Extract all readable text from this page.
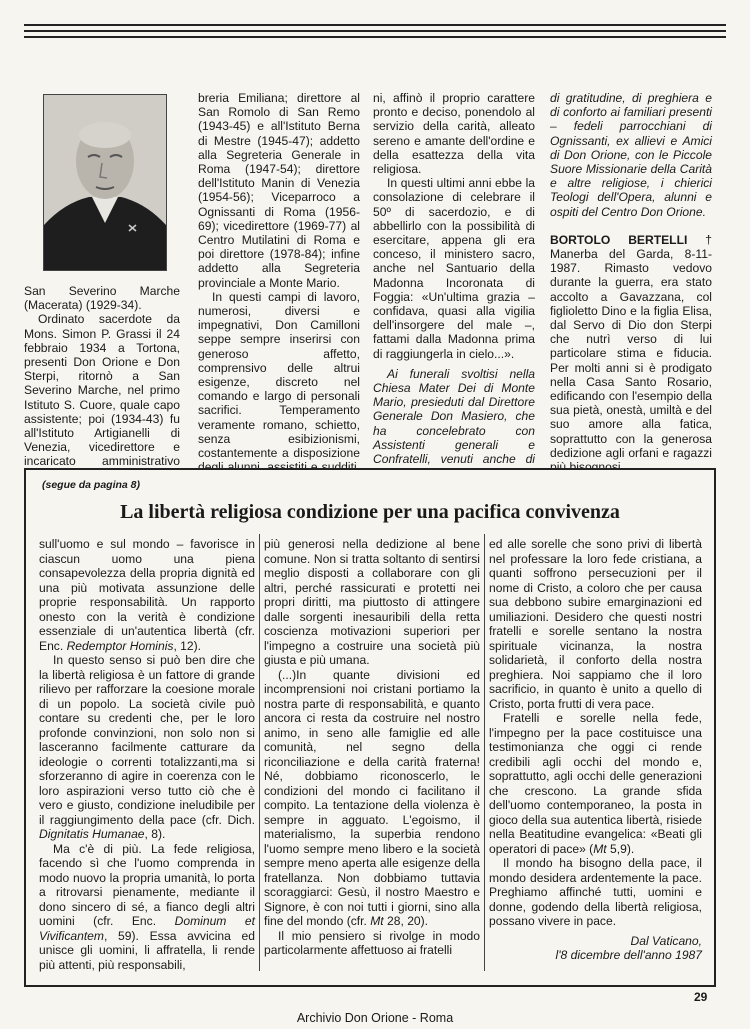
San Severino Marche (Macerata) (1929-34).

Ordinato sacerdote da Mons. Simon P. Grassi il 24 febbraio 1934 a Tortona, presenti Don Orione e Don Sterpi, ritornò a San Severino Marche, nel primo Istituto S. Cuore, quale capo assistente; poi (1934-43) fu all'Istituto Artigianelli di Venezia, vicedirettore e incaricato amministrativo

breria Emiliana; direttore al San Romolo di San Remo (1943-45) e all'Istituto Berna di Mestre (1945-47); addetto alla Segreteria Generale in Roma (1947-54); direttore dell'Istituto Manin di Venezia (1954-56); Viceparroco a Ognissanti di Roma (1956-69); vicedirettore (1969-77) al Centro Mutilatini di Roma e poi direttore (1978-84); infine addetto alla Segreteria provinciale a Monte Mario.

In questi campi di lavoro, numerosi, diversi e impegnativi, Don Camilloni seppe sempre inserirsi con generoso affetto, comprensivo delle altrui esigenze, discreto nel comando e largo di personali sacrifici. Temperamento veramente romano, schietto, senza esibizionismi, costantemente a disposizione

ni, affinò il proprio carattere pronto e deciso, ponendolo al servizio della carità, alleato sereno e amante dell'ordine e della esattezza della vita religiosa.

In questi ultimi anni ebbe la consolazione di celebrare il 50º di sacerdozio, e di abbellirlo con la possibilità di esercitare, appena gli era conceso, il ministero sacro, anche nel Santuario della Madonna Incoronata di Foggia: «Un'ultima grazia – confidava, quasi alla vigilia dell'insorgere del male –, fattami dalla Madonna prima di raggiungerla in cielo...».

Ai funerali svoltisi nella Chiesa Mater Dei di Monte Mario, presieduti dal Direttore Generale Don Masiero, che ha concelebrato con Assistenti generali e Confratelli, venuti anche di

di gratitudine, di preghiera e di conforto ai familiari presenti – fedeli parrocchiani di Ognissanti, ex allievi e Amici di Don Orione, con le Piccole Suore Missionarie della Carità e altre religiose, i chierici Teologi dell'Opera, alunni e ospiti del Centro Don Orione.

BORTOLO BERTELLI † Manerba del Garda, 8-11-1987. Rimasto vedovo durante la guerra, era stato accolto a Gavazzana, col figlioletto Dino e la figlia Elisa, dal Servo di Dio don Sterpi che nutrì verso di lui particolare stima e fiducia. Per molti anni si è prodigato nella Casa Santo Rosario, edificando con l'esempio della sua pietà, onestà, umiltà e del suo amore alla fatica, soprattutto con la generosa dedizione agli orfani e ragazzi

(segue da pagina 8)
La libertà religiosa condizione per una pacifica convivenza

sull'uomo e sul mondo – favorisce in ciascun uomo una piena consapevolezza della propria dignità ed una più motivata assunzione delle proprie responsabilità. Un rapporto onesto con la verità è condizione essenziale di un'autentica libertà (cfr. Enc. Redemptor Hominis, 12).

In questo senso si può ben dire che la libertà religiosa è un fattore di grande rilievo per rafforzare la coesione morale di un popolo. La società civile può contare su credenti che, per le loro profonde convinzioni, non solo non si lasceranno facilmente catturare da ideologie o correnti totalizzanti,ma si sforzeranno di agire in coerenza con le loro aspirazioni verso tutto ciò che è vero e giusto, condizione ineludibile per il raggiungimento della pace (cfr. Dich. Dignitatis Humanae, 8).

Ma c'è di più. La fede religiosa, facendo sì che l'uomo comprenda in modo nuovo la propria umanità, lo porta a ritrovarsi pienamente, mediante il dono sincero di sé, a fianco degli altri uomini (cfr. Enc. Dominum et Vivificantem, 59). Essa avvicina ed unisce gli uomini, li affratella, li rende più attenti, più responsabili,

più generosi nella dedizione al bene comune. Non si tratta soltanto di sentirsi meglio disposti a collaborare con gli altri, perché rassicurati e protetti nei propri diritti, ma piuttosto di attingere dalle sorgenti inesauribili della retta coscienza motivazioni superiori per l'impegno a costruire una società più giusta e più umana.

(...)In quante divisioni ed incomprensioni noi cristani portiamo la nostra parte di responsabilità, e quanto ancora ci resta da costruire nel nostro animo, in seno alle famiglie ed alle comunità, nel segno della riconciliazione e della carità fraterna! Né, dobbiamo riconoscerlo, le condizioni del mondo ci facilitano il compito. La tentazione della violenza è sempre in agguato. L'egoismo, il materialismo, la superbia rendono l'uomo sempre meno libero e la società sempre meno aperta alle esigenze della fratellanza. Non dobbiamo tuttavia scoraggiarci: Gesù, il nostro Maestro e Signore, è con noi tutti i giorni, sino alla fine del mondo (cfr. Mt 28, 20).

Il mio pensiero si rivolge in modo particolarmente affettuoso ai fratelli

ed alle sorelle che sono privi di libertà nel professare la loro fede cristiana, a quanti soffrono persecuzioni per il nome di Cristo, a coloro che per causa sua debbono subire emarginazioni ed umiliazioni. Desidero che questi nostri fratelli e sorelle sentano la nostra spirituale vicinanza, la nostra solidarietà, il conforto della nostra preghiera. Noi sappiamo che il loro sacrificio, in quanto è unito a quello di Cristo, porta frutti di vera pace.

Fratelli e sorelle nella fede, l'impegno per la pace costituisce una testimonianza che oggi ci rende credibili agli occhi del mondo e, soprattutto, agli occhi delle generazioni che crescono. La grande sfida dell'uomo contemporaneo, la posta in gioco della sua autentica libertà, risiede nella Beatitudine evangelica: «Beati gli operatori di pace» (Mt 5,9).

Il mondo ha bisogno della pace, il mondo desidera ardentemente la pace. Preghiamo affinché tutti, uomini e donne, godendo della libertà religiosa, possano vivere in pace.

Dal Vaticano,
l'8 dicembre dell'anno 1987
29
Archivio Don Orione - Roma
